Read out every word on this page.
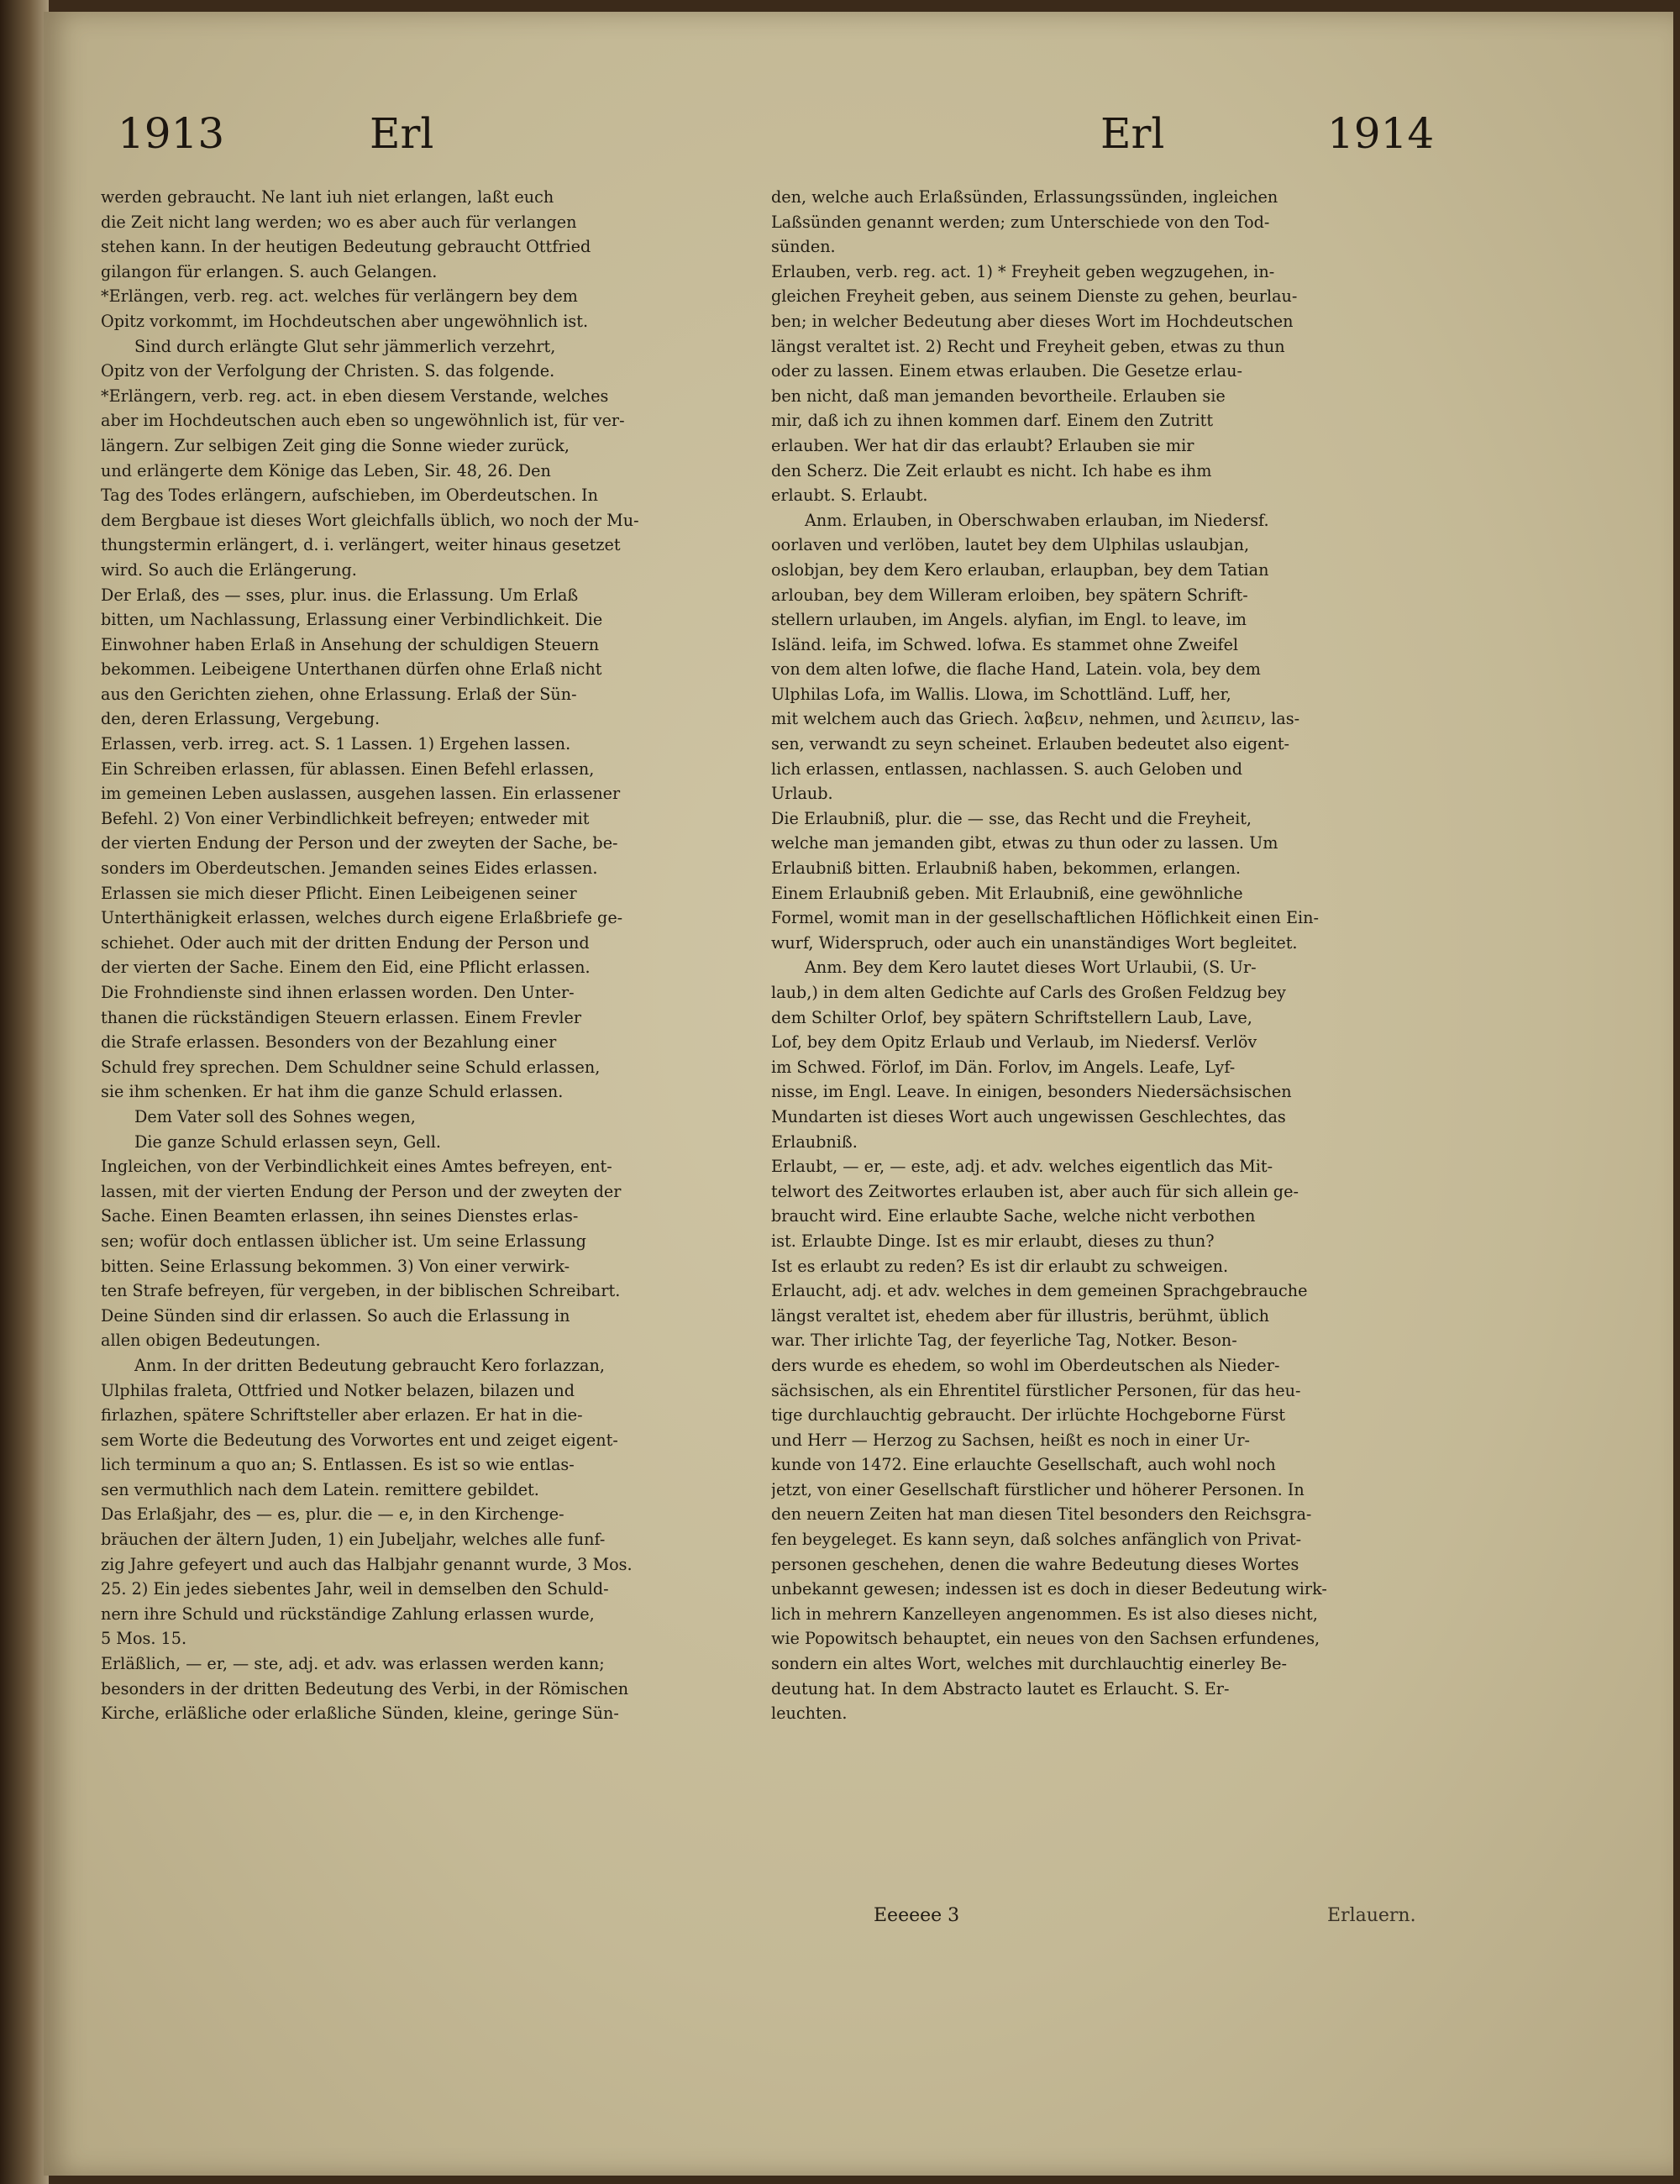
1913	Erl	Erl	1914
werden gebraucht. Ne lant iuh niet erlangen, laßt euch
die Zeit nicht lang werden; wo es aber auch für verlangen
stehen kann. In der heutigen Bedeutung gebraucht Ottfried
gilangon für erlangen. S. auch Gelangen.
*Erlängen, verb. reg. act. welches für verlängern bey dem
Opitz vorkommt, im Hochdeutschen aber ungewöhnlich ist.
Sind durch erlängte Glut sehr jämmerlich verzehrt,
Opitz von der Verfolgung der Christen. S. das folgende.
*Erlängern, verb. reg. act. in eben diesem Verstande, welches
aber im Hochdeutschen auch eben so ungewöhnlich ist, für ver-
längern. Zur selbigen Zeit ging die Sonne wieder zurück,
und erlängerte dem Könige das Leben, Sir. 48, 26. Den
Tag des Todes erlängern, aufschieben, im Oberdeutschen. In
dem Bergbaue ist dieses Wort gleichfalls üblich, wo noch der Mu-
thungstermin erlängert, d. i. verlängert, weiter hinaus gesetzet
wird. So auch die Erlängerung.
Der Erlaß, des — sses, plur. inus. die Erlassung. Um Erlaß
bitten, um Nachlassung, Erlassung einer Verbindlichkeit. Die
Einwohner haben Erlaß in Ansehung der schuldigen Steuern
bekommen. Leibeigene Unterthanen dürfen ohne Erlaß nicht
aus den Gerichten ziehen, ohne Erlassung. Erlaß der Sün-
den, deren Erlassung, Vergebung.
Erlassen, verb. irreg. act. S. 1 Lassen. 1) Ergehen lassen.
Ein Schreiben erlassen, für ablassen. Einen Befehl erlassen,
im gemeinen Leben auslassen, ausgehen lassen. Ein erlassener
Befehl. 2) Von einer Verbindlichkeit befreyen; entweder mit
der vierten Endung der Person und der zweyten der Sache, be-
sonders im Oberdeutschen. Jemanden seines Eides erlassen.
Erlassen sie mich dieser Pflicht. Einen Leibeigenen seiner
Unterthänigkeit erlassen, welches durch eigene Erlaßbriefe ge-
schiehet. Oder auch mit der dritten Endung der Person und
der vierten der Sache. Einem den Eid, eine Pflicht erlassen.
Die Frohndienste sind ihnen erlassen worden. Den Unter-
thanen die rückständigen Steuern erlassen. Einem Frevler
die Strafe erlassen. Besonders von der Bezahlung einer
Schuld frey sprechen. Dem Schuldner seine Schuld erlassen,
sie ihm schenken. Er hat ihm die ganze Schuld erlassen.
Dem Vater soll des Sohnes wegen,
Die ganze Schuld erlassen seyn, Gell.
Ingleichen, von der Verbindlichkeit eines Amtes befreyen, ent-
lassen, mit der vierten Endung der Person und der zweyten der
Sache. Einen Beamten erlassen, ihn seines Dienstes erlas-
sen; wofür doch entlassen üblicher ist. Um seine Erlassung
bitten. Seine Erlassung bekommen. 3) Von einer verwirk-
ten Strafe befreyen, für vergeben, in der biblischen Schreibart.
Deine Sünden sind dir erlassen. So auch die Erlassung in
allen obigen Bedeutungen.
Anm. In der dritten Bedeutung gebraucht Kero forlazzan,
Ulphilas fraleta, Ottfried und Notker belazen, bilazen und
firlazhen, spätere Schriftsteller aber erlazen. Er hat in die-
sem Worte die Bedeutung des Vorwortes ent und zeiget eigent-
lich terminum a quo an; S. Entlassen. Es ist so wie entlas-
sen vermuthlich nach dem Latein. remittere gebildet.
Das Erlaßjahr, des — es, plur. die — e, in den Kirchenge-
bräuchen der ältern Juden, 1) ein Jubeljahr, welches alle funf-
zig Jahre gefeyert und auch das Halbjahr genannt wurde, 3 Mos.
25. 2) Ein jedes siebentes Jahr, weil in demselben den Schuld-
nern ihre Schuld und rückständige Zahlung erlassen wurde,
5 Mos. 15.
Erläßlich, — er, — ste, adj. et adv. was erlassen werden kann;
besonders in der dritten Bedeutung des Verbi, in der Römischen
Kirche, erläßliche oder erlaßliche Sünden, kleine, geringe Sün-
den, welche auch Erlaßsünden, Erlassungssünden, ingleichen
Laßsünden genannt werden; zum Unterschiede von den Tod-
sünden.
Erlauben, verb. reg. act. 1) * Freyheit geben wegzugehen, in-
gleichen Freyheit geben, aus seinem Dienste zu gehen, beurlau-
ben; in welcher Bedeutung aber dieses Wort im Hochdeutschen
längst veraltet ist. 2) Recht und Freyheit geben, etwas zu thun
oder zu lassen. Einem etwas erlauben. Die Gesetze erlau-
ben nicht, daß man jemanden bevortheile. Erlauben sie
mir, daß ich zu ihnen kommen darf. Einem den Zutritt
erlauben. Wer hat dir das erlaubt? Erlauben sie mir
den Scherz. Die Zeit erlaubt es nicht. Ich habe es ihm
erlaubt. S. Erlaubt.
Anm. Erlauben, in Oberschwaben erlauban, im Niedersf.
oorlaven und verlöben, lautet bey dem Ulphilas uslaubjan,
oslobjan, bey dem Kero erlauban, erlaupban, bey dem Tatian
arlouban, bey dem Willeram erloiben, bey spätern Schrift-
stellern urlauben, im Angels. alyfian, im Engl. to leave, im
Isländ. leifa, im Schwed. lofwa. Es stammet ohne Zweifel
von dem alten lofwe, die flache Hand, Latein. vola, bey dem
Ulphilas Lofa, im Wallis. Llowa, im Schottländ. Luff, her,
mit welchem auch das Griech. λαβειν, nehmen, und λειπειν, las-
sen, verwandt zu seyn scheinet. Erlauben bedeutet also eigent-
lich erlassen, entlassen, nachlassen. S. auch Geloben und
Urlaub.
Die Erlaubniß, plur. die — sse, das Recht und die Freyheit,
welche man jemanden gibt, etwas zu thun oder zu lassen. Um
Erlaubniß bitten. Erlaubniß haben, bekommen, erlangen.
Einem Erlaubniß geben. Mit Erlaubniß, eine gewöhnliche
Formel, womit man in der gesellschaftlichen Höflichkeit einen Ein-
wurf, Widerspruch, oder auch ein unanständiges Wort begleitet.
Anm. Bey dem Kero lautet dieses Wort Urlaubii, (S. Ur-
laub,) in dem alten Gedichte auf Carls des Großen Feldzug bey
dem Schilter Orlof, bey spätern Schriftstellern Laub, Lave,
Lof, bey dem Opitz Erlaub und Verlaub, im Niedersf. Verlöv
im Schwed. Förlof, im Dän. Forlov, im Angels. Leafe, Lyf-
nisse, im Engl. Leave. In einigen, besonders Niedersächsischen
Mundarten ist dieses Wort auch ungewissen Geschlechtes, das
Erlaubniß.
Erlaubt, — er, — este, adj. et adv. welches eigentlich das Mit-
telwort des Zeitwortes erlauben ist, aber auch für sich allein ge-
braucht wird. Eine erlaubte Sache, welche nicht verbothen
ist. Erlaubte Dinge. Ist es mir erlaubt, dieses zu thun?
Ist es erlaubt zu reden? Es ist dir erlaubt zu schweigen.
Erlaucht, adj. et adv. welches in dem gemeinen Sprachgebrauche
längst veraltet ist, ehedem aber für illustris, berühmt, üblich
war. Ther irlichte Tag, der feyerliche Tag, Notker. Beson-
ders wurde es ehedem, so wohl im Oberdeutschen als Nieder-
sächsischen, als ein Ehrentitel fürstlicher Personen, für das heu-
tige durchlauchtig gebraucht. Der irlüchte Hochgeborne Fürst
und Herr — Herzog zu Sachsen, heißt es noch in einer Ur-
kunde von 1472. Eine erlauchte Gesellschaft, auch wohl noch
jetzt, von einer Gesellschaft fürstlicher und höherer Personen. In
den neuern Zeiten hat man diesen Titel besonders den Reichsgra-
fen beygeleget. Es kann seyn, daß solches anfänglich von Privat-
personen geschehen, denen die wahre Bedeutung dieses Wortes
unbekannt gewesen; indessen ist es doch in dieser Bedeutung wirk-
lich in mehrern Kanzelleyen angenommen. Es ist also dieses nicht,
wie Popowitsch behauptet, ein neues von den Sachsen erfundenes,
sondern ein altes Wort, welches mit durchlauchtig einerley Be-
deutung hat. In dem Abstracto lautet es Erlaucht. S. Er-
leuchten.
Eeeeee 3	Erlauern.
